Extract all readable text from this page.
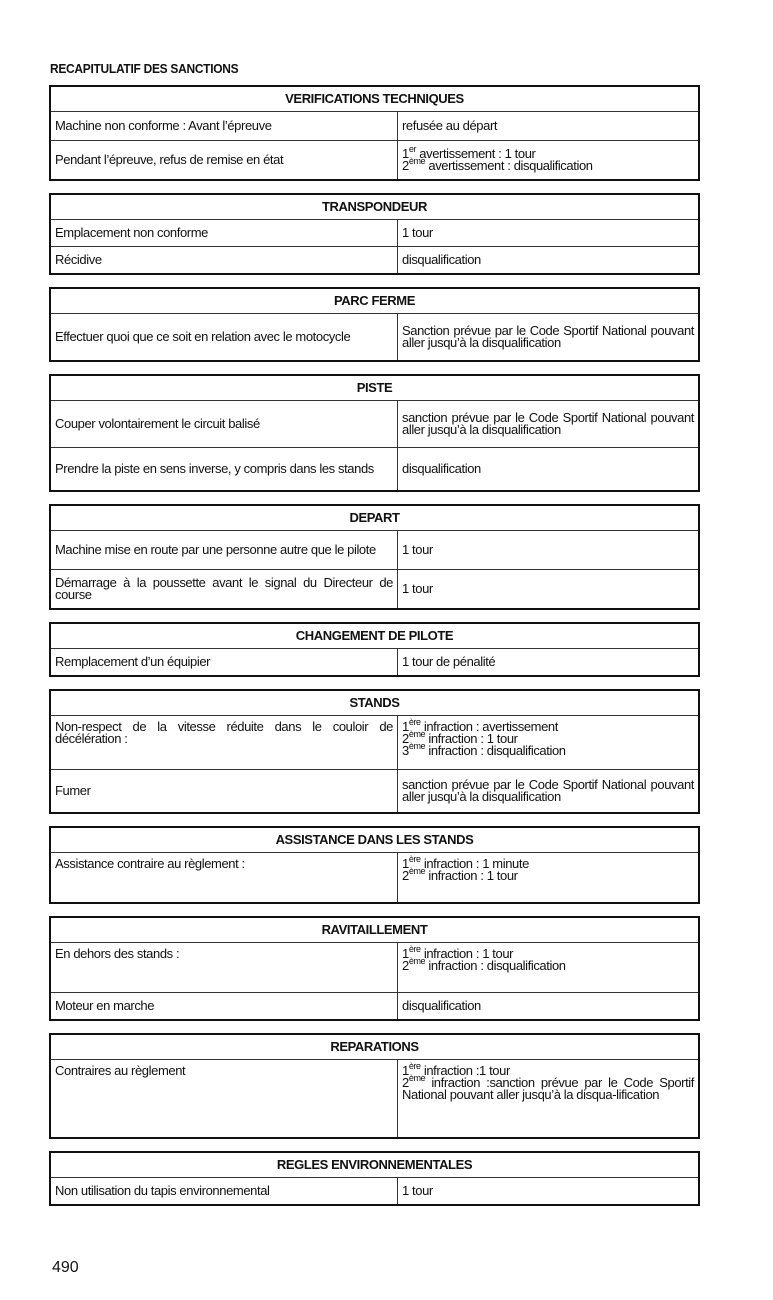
RECAPITULATIF DES SANCTIONS
VERIFICATIONS TECHNIQUES	
Machine non conforme : Avant l’épreuve	refusée au départ
Pendant l’épreuve, refus de remise en état	1er avertissement : 1 tour
2ème avertissement : disqualification
TRANSPONDEUR	
Emplacement non conforme	1 tour
Récidive	disqualification
PARC FERME
Effectuer quoi que ce soit en relation avec le motocycle	Sanction prévue par le Code Sportif National pouvant aller jusqu’à la disqualification
PISTE	
Couper volontairement le circuit balisé	sanction prévue par le Code Sportif National pouvant aller jusqu’à la disqualification
Prendre la piste en sens inverse, y compris dans les stands	disqualification
DEPART	
Machine mise en route par une personne autre que le pilote	1 tour
Démarrage à la poussette avant le signal du Directeur de course	1 tour
CHANGEMENT DE PILOTE
Remplacement d’un équipier	1 tour de pénalité
STANDS	
Non-respect de la vitesse réduite dans le couloir de décélération :	1ère infraction : avertissement
2ème infraction : 1 tour
3ème infraction : disqualification

Fumer	sanction prévue par le Code Sportif National pouvant aller jusqu’à la disqualification
ASSISTANCE DANS LES STANDS
Assistance contraire au règlement :	1ère infraction : 1 minute
2ème infraction : 1 tour
RAVITAILLEMENT	
En dehors des stands :	1ère infraction : 1 tour
2ème infraction : disqualification

Moteur en marche	disqualification
REPARATIONS
Contraires au règlement	1ère infraction :1 tour
2ème infraction :sanction prévue par le Code Sportif National pouvant aller jusqu’à la disqua-lification
REGLES ENVIRONNEMENTALES
Non utilisation du tapis environnemental	1 tour
490
